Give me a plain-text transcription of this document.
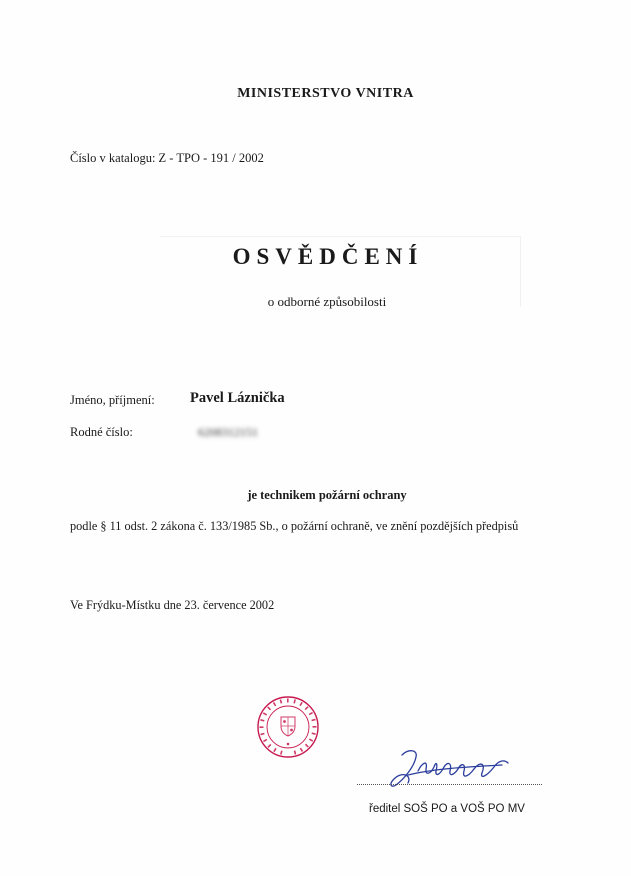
MINISTERSTVO VNITRA
Číslo v katalogu: Z - TPO - 191 / 2002
OSVĚDČENÍ
o odborné způsobilosti
Jméno, příjmení: Pavel Láznička
Rodné číslo:	6208312151
je technikem požární ochrany
podle § 11 odst. 2 zákona č. 133/1985 Sb., o požární ochraně, ve znění pozdějších předpisů
Ve Frýdku-Místku dne 23. července 2002
ředitel SOŠ PO a VOŠ PO MV
